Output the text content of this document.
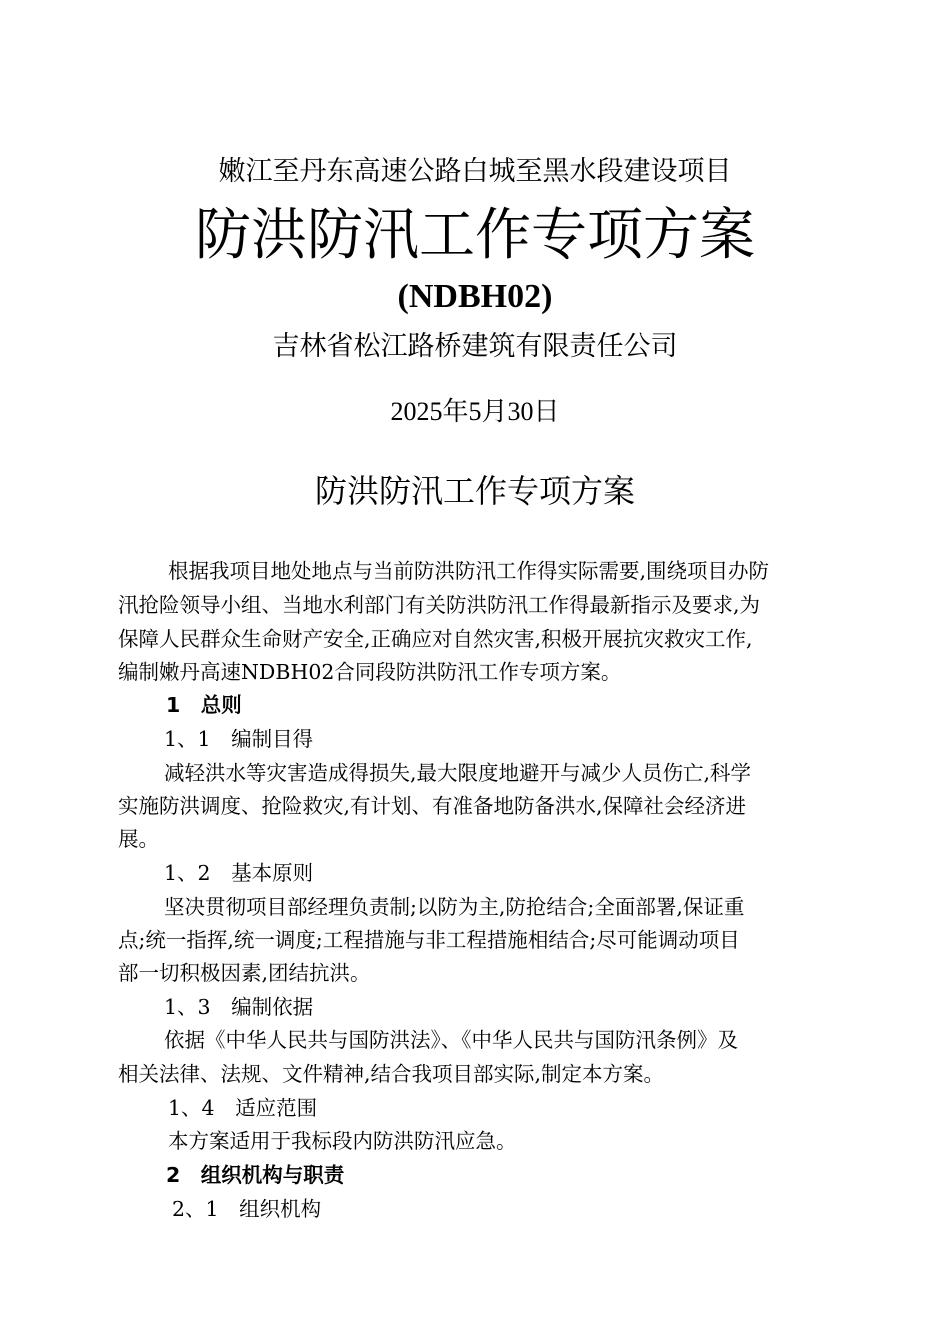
嫩江至丹东高速公路白城至黑水段建设项目
防洪防汛工作专项方案
(NDBH02)
吉林省松江路桥建筑有限责任公司
2025年5月30日
防洪防汛工作专项方案
根据我项目地处地点与当前防洪防汛工作得实际需要,围绕项目办防
汛抢险领导小组、当地水利部门有关防洪防汛工作得最新指示及要求,为
保障人民群众生命财产安全,正确应对自然灾害,积极开展抗灾救灾工作,
编制嫩丹高速NDBH02合同段防洪防汛工作专项方案。
1　总则
1、1　编制目得
减轻洪水等灾害造成得损失,最大限度地避开与减少人员伤亡,科学
实施防洪调度、抢险救灾,有计划、有准备地防备洪水,保障社会经济进
展。
1、2　基本原则
坚决贯彻项目部经理负责制;以防为主,防抢结合;全面部署,保证重
点;统一指挥,统一调度;工程措施与非工程措施相结合;尽可能调动项目
部一切积极因素,团结抗洪。
1、3　编制依据
依据《中华人民共与国防洪法》、《中华人民共与国防汛条例》及
相关法律、法规、文件精神,结合我项目部实际,制定本方案。
1、4　适应范围
本方案适用于我标段内防洪防汛应急。
2　组织机构与职责
2、1　组织机构
